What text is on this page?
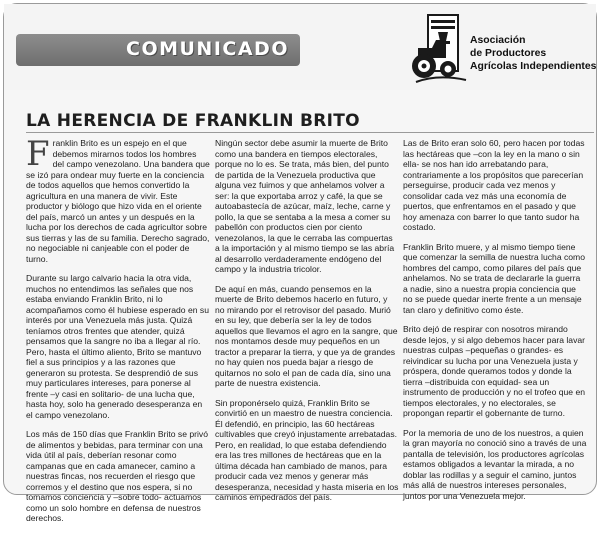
COMUNICADO	Asociación
de Productores
Agrícolas Independientes
LA HERENCIA DE FRANKLIN BRITO

Franklin Brito es un espejo en el que debemos mirarnos todos los hombres del campo venezolano. Una bandera que se izó para ondear muy fuerte en la conciencia de todos aquellos que hemos convertido la agricultura en una manera de vivir. Este productor y biólogo que hizo vida en el oriente del país, marcó un antes y un después en la lucha por los derechos de cada agricultor sobre sus tierras y las de su familia. Derecho sagrado, no negociable ni canjeable con el poder de turno.

Durante su largo calvario hacia la otra vida, muchos no entendimos las señales que nos estaba enviando Franklin Brito, ni lo acompañamos como él hubiese esperado en su interés por una Venezuela más justa. Quizá teníamos otros frentes que atender, quizá pensamos que la sangre no iba a llegar al río. Pero, hasta el último aliento, Brito se mantuvo fiel a sus principios y a las razones que generaron su protesta. Se desprendió de sus muy particulares intereses, para ponerse al frente –y casi en solitario- de una lucha que, hasta hoy, solo ha generado desesperanza en el campo venezolano.

Los más de 150 días que Franklin Brito se privó de alimentos y bebidas, para terminar con una vida útil al país, deberían resonar como campanas que en cada amanecer, camino a nuestras fincas, nos recuerden el riesgo que corremos y el destino que nos espera, si no tomamos conciencia y –sobre todo- actuamos como un solo hombre en defensa de nuestros derechos.

Ningún sector debe asumir la muerte de Brito como una bandera en tiempos electorales, porque no lo es. Se trata, más bien, del punto de partida de la Venezuela productiva que alguna vez fuimos y que anhelamos volver a ser: la que exportaba arroz y café, la que se autoabastecía de azúcar, maíz, leche, carne y pollo, la que se sentaba a la mesa a comer su pabellón con productos cien por ciento venezolanos, la que le cerraba las compuertas a la importación y al mismo tiempo se las abría al desarrollo verdaderamente endógeno del campo y la industria tricolor.

De aquí en más, cuando pensemos en la muerte de Brito debemos hacerlo en futuro, y no mirando por el retrovisor del pasado. Murió en su ley, que debería ser la ley de todos aquellos que llevamos el agro en la sangre, que nos montamos desde muy pequeños en un tractor a preparar la tierra, y que ya de grandes no hay quien nos pueda bajar a riesgo de quitarnos no solo el pan de cada día, sino una parte de nuestra existencia.

Sin proponérselo quizá, Franklin Brito se convirtió en un maestro de nuestra conciencia. Él defendió, en principio, las 60 hectáreas cultivables que creyó injustamente arrebatadas. Pero, en realidad, lo que estaba defendiendo era las tres millones de hectáreas que en la última década han cambiado de manos, para producir cada vez menos y generar más desesperanza, necesidad y hasta miseria en los caminos empedrados del país.

Las de Brito eran solo 60, pero hacen por todas las hectáreas que –con la ley en la mano o sin ella- se nos han ido arrebatando para, contrariamente a los propósitos que parecerían perseguirse, producir cada vez menos y consolidar cada vez más una economía de puertos, que enfrentamos en el pasado y que hoy amenaza con barrer lo que tanto sudor ha costado.

Franklin Brito muere, y al mismo tiempo tiene que comenzar la semilla de nuestra lucha como hombres del campo, como pilares del país que anhelamos. No se trata de declararle la guerra a nadie, sino a nuestra propia conciencia que no se puede quedar inerte frente a un mensaje tan claro y definitivo como éste.

Brito dejó de respirar con nosotros mirando desde lejos, y si algo debemos hacer para lavar nuestras culpas –pequeñas o grandes- es reivindicar su lucha por una Venezuela justa y próspera, donde queramos todos y donde la tierra –distribuida con equidad- sea un instrumento de producción y no el trofeo que en tiempos electorales, y no electorales, se propongan repartir el gobernante de turno.

Por la memoria de uno de los nuestros, a quien la gran mayoría no conoció sino a través de una pantalla de televisión, los productores agrícolas estamos obligados a levantar la mirada, a no doblar las rodillas y a seguir el camino, juntos más allá de nuestros intereses personales, juntos por una Venezuela mejor.
